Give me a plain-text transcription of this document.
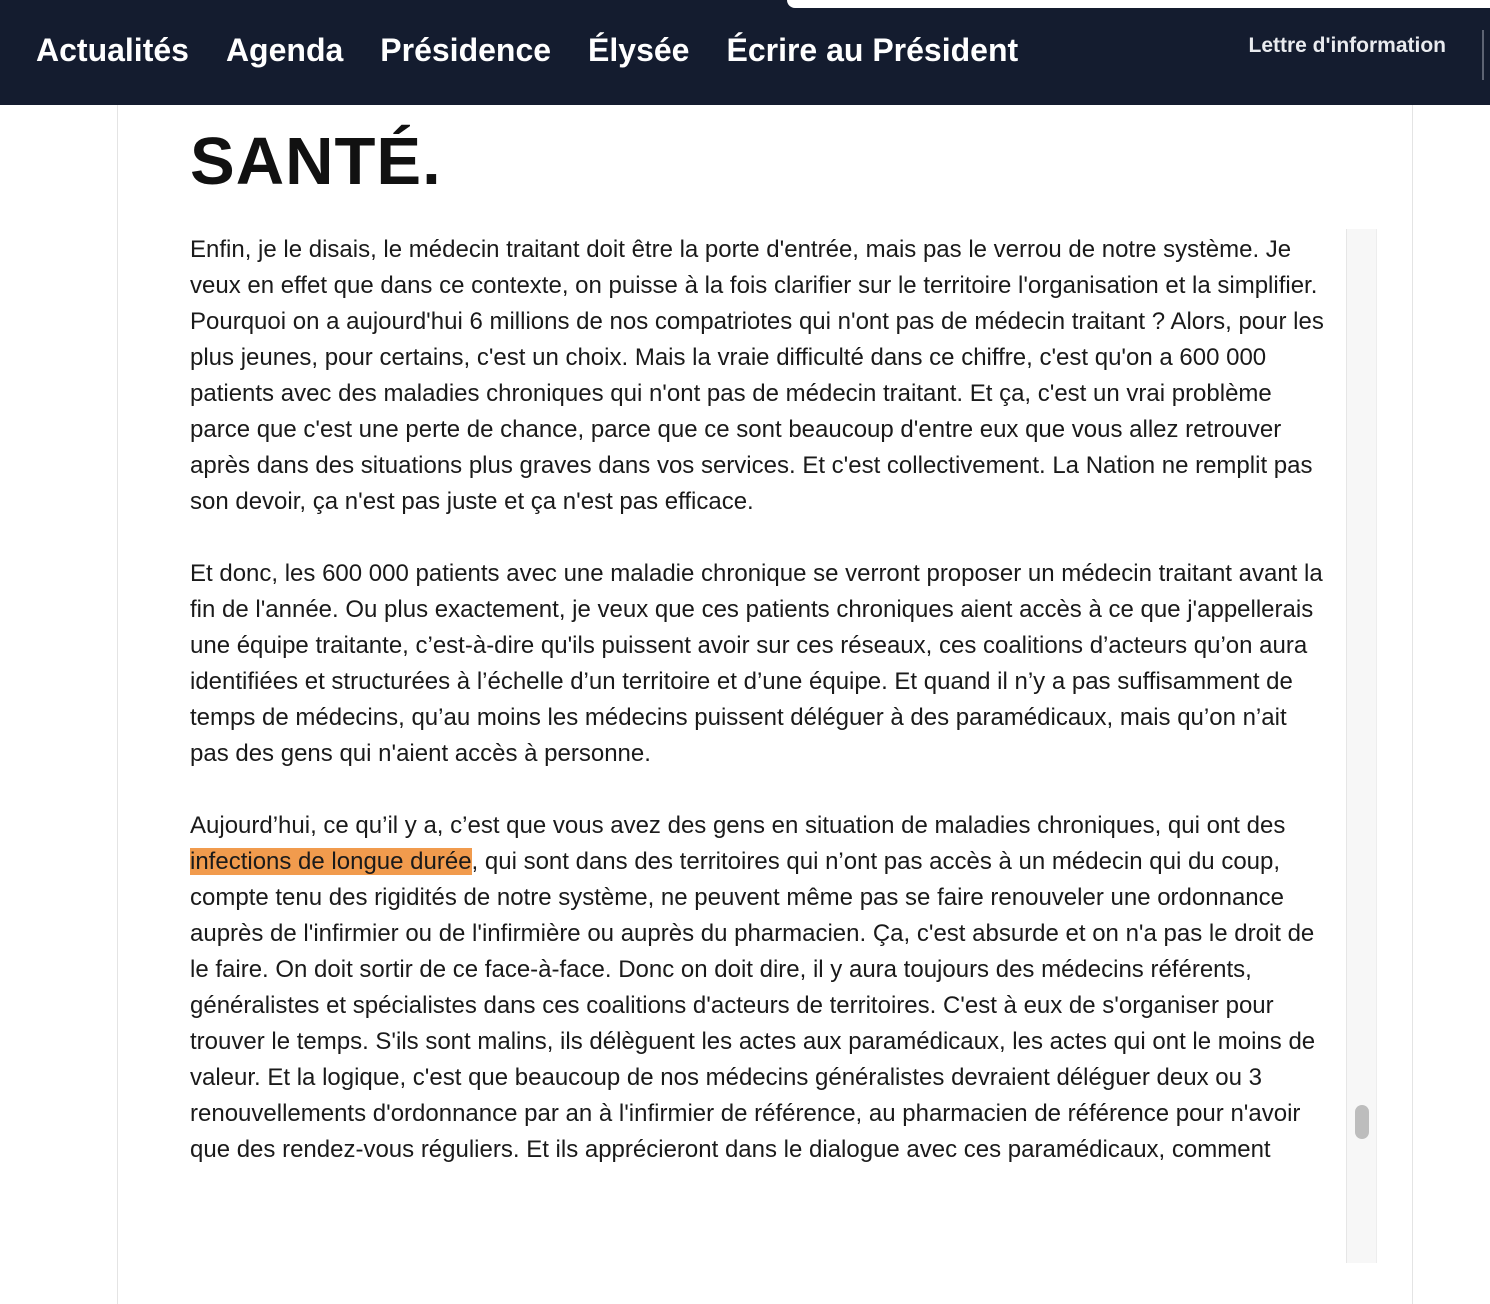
Actualités Agenda Présidence Élysée Écrire au Président	Lettre d'information
SANTÉ.

Enfin, je le disais, le médecin traitant doit être la porte d'entrée, mais pas le verrou de notre système. Je veux en effet que dans ce contexte, on puisse à la fois clarifier sur le territoire l'organisation et la simplifier. Pourquoi on a aujourd'hui 6 millions de nos compatriotes qui n'ont pas de médecin traitant ? Alors, pour les plus jeunes, pour certains, c'est un choix. Mais la vraie difficulté dans ce chiffre, c'est qu'on a 600 000 patients avec des maladies chroniques qui n'ont pas de médecin traitant. Et ça, c'est un vrai problème parce que c'est une perte de chance, parce que ce sont beaucoup d'entre eux que vous allez retrouver après dans des situations plus graves dans vos services. Et c'est collectivement. La Nation ne remplit pas son devoir, ça n'est pas juste et ça n'est pas efficace.

Et donc, les 600 000 patients avec une maladie chronique se verront proposer un médecin traitant avant la fin de l'année. Ou plus exactement, je veux que ces patients chroniques aient accès à ce que j'appellerais une équipe traitante, c’est-à-dire qu'ils puissent avoir sur ces réseaux, ces coalitions d’acteurs qu’on aura identifiées et structurées à l’échelle d’un territoire et d’une équipe. Et quand il n’y a pas suffisamment de temps de médecins, qu’au moins les médecins puissent déléguer à des paramédicaux, mais qu’on n’ait pas des gens qui n'aient accès à personne.

Aujourd’hui, ce qu’il y a, c’est que vous avez des gens en situation de maladies chroniques, qui ont des infections de longue durée, qui sont dans des territoires qui n’ont pas accès à un médecin qui du coup, compte tenu des rigidités de notre système, ne peuvent même pas se faire renouveler une ordonnance auprès de l'infirmier ou de l'infirmière ou auprès du pharmacien. Ça, c'est absurde et on n'a pas le droit de le faire. On doit sortir de ce face-à-face. Donc on doit dire, il y aura toujours des médecins référents, généralistes et spécialistes dans ces coalitions d'acteurs de territoires. C'est à eux de s'organiser pour trouver le temps. S'ils sont malins, ils délèguent les actes aux paramédicaux, les actes qui ont le moins de valeur. Et la logique, c'est que beaucoup de nos médecins généralistes devraient déléguer deux ou 3 renouvellements d'ordonnance par an à l'infirmier de référence, au pharmacien de référence pour n'avoir que des rendez-vous réguliers. Et ils apprécieront dans le dialogue avec ces paramédicaux, comment
